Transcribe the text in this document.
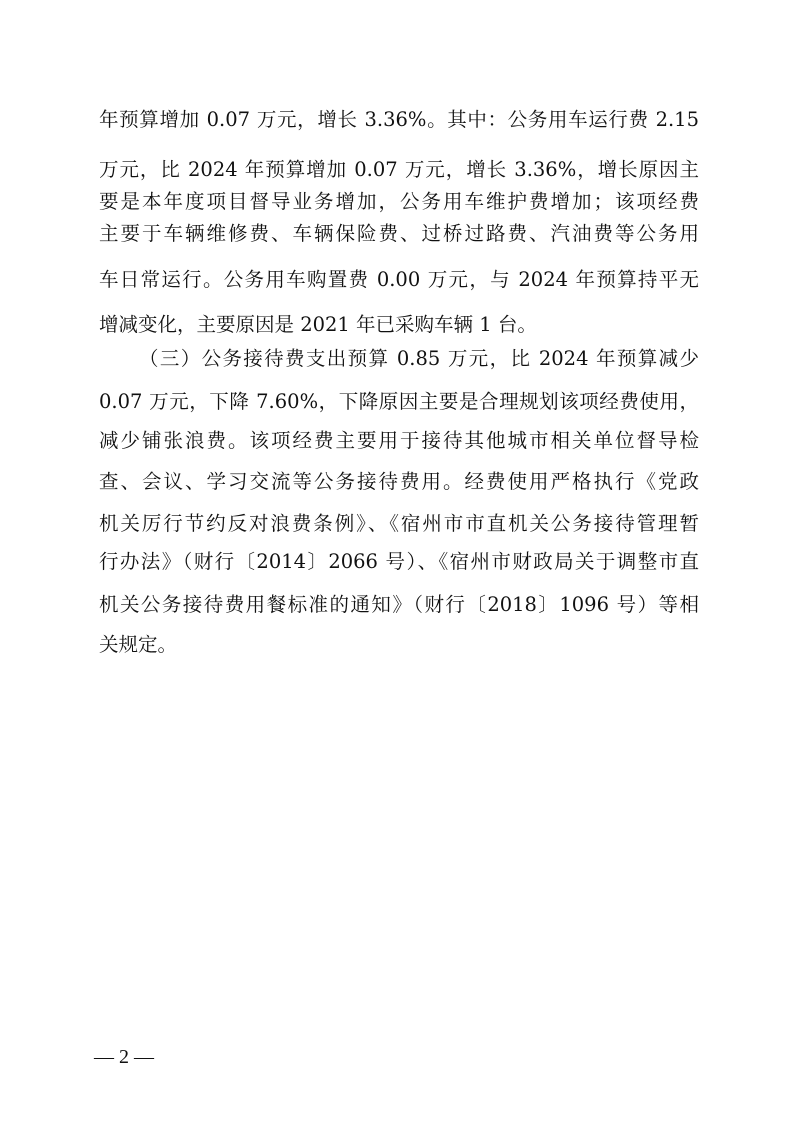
年预算增加 0.07 万元，增长 3.36%。其中：公务用车运行费 2.15
万元，比 2024 年预算增加 0.07 万元，增长 3.36%，增长原因主
要是本年度项目督导业务增加，公务用车维护费增加；该项经费
主要于车辆维修费、车辆保险费、过桥过路费、汽油费等公务用
车日常运行。公务用车购置费 0.00 万元，与 2024 年预算持平无
增减变化，主要原因是 2021 年已采购车辆 1 台。
（三）公务接待费支出预算 0.85 万元，比 2024 年预算减少
0.07 万元，下降 7.60%，下降原因主要是合理规划该项经费使用，
减少铺张浪费。该项经费主要用于接待其他城市相关单位督导检
查、会议、学习交流等公务接待费用。经费使用严格执行《党政
机关厉行节约反对浪费条例》、《宿州市市直机关公务接待管理暂
行办法》（财行〔2014〕2066 号）、《宿州市财政局关于调整市直
机关公务接待费用餐标准的通知》（财行〔2018〕1096 号）等相
关规定。
— 2 —
